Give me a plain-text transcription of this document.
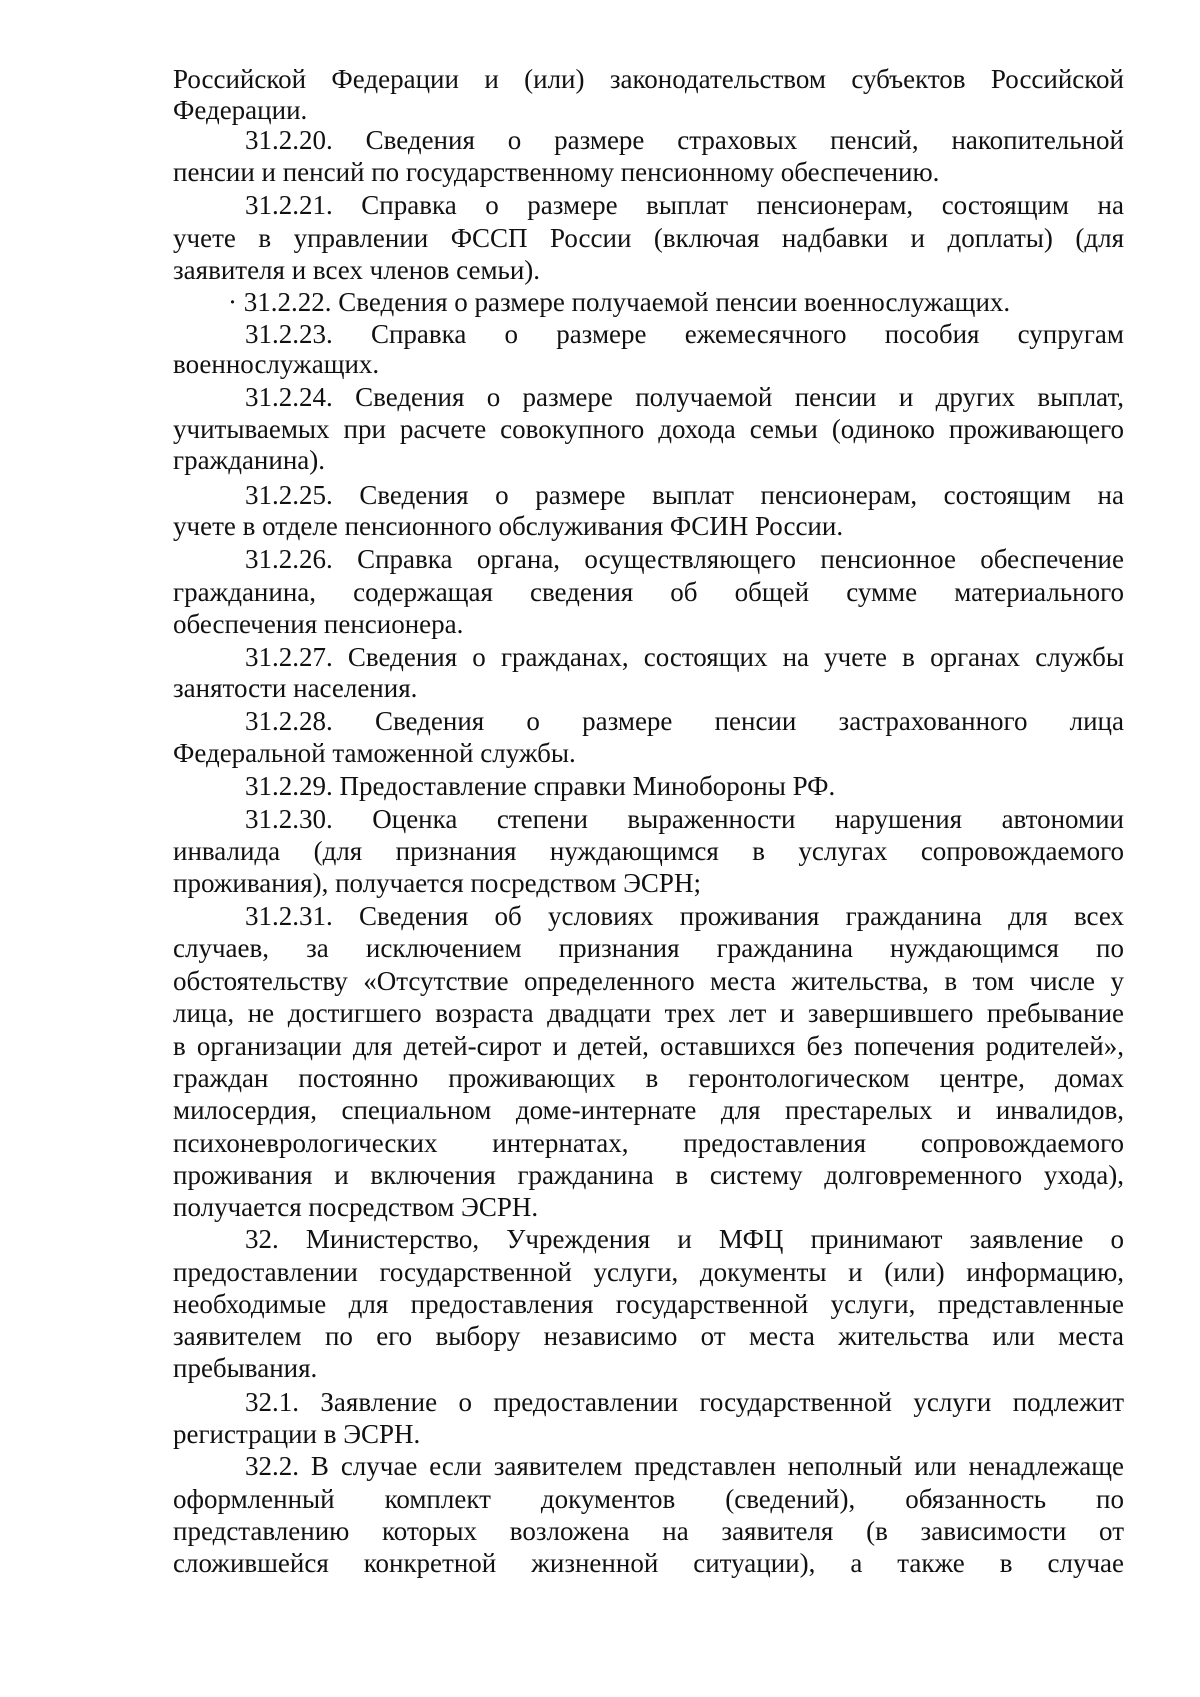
Российской Федерации и (или) законодательством субъектов Российской
Федерации.
31.2.20. Сведения о размере страховых пенсий, накопительной
пенсии и пенсий по государственному пенсионному обеспечению.
31.2.21. Справка о размере выплат пенсионерам, состоящим на
учете в управлении ФССП России (включая надбавки и доплаты) (для
заявителя и всех членов семьи).
· 31.2.22. Сведения о размере получаемой пенсии военнослужащих.
31.2.23. Справка о размере ежемесячного пособия супругам
военнослужащих.
31.2.24. Сведения о размере получаемой пенсии и других выплат,
учитываемых при расчете совокупного дохода семьи (одиноко проживающего
гражданина).
31.2.25. Сведения о размере выплат пенсионерам, состоящим на
учете в отделе пенсионного обслуживания ФСИН России.
31.2.26. Справка органа, осуществляющего пенсионное обеспечение
гражданина, содержащая сведения об общей сумме материального
обеспечения пенсионера.
31.2.27. Сведения о гражданах, состоящих на учете в органах службы
занятости населения.
31.2.28. Сведения о размере пенсии застрахованного лица
Федеральной таможенной службы.
31.2.29. Предоставление справки Минобороны РФ.
31.2.30. Оценка степени выраженности нарушения автономии
инвалида (для признания нуждающимся в услугах сопровождаемого
проживания), получается посредством ЭСРН;
31.2.31. Сведения об условиях проживания гражданина для всех
случаев, за исключением признания гражданина нуждающимся по
обстоятельству «Отсутствие определенного места жительства, в том числе у
лица, не достигшего возраста двадцати трех лет и завершившего пребывание
в организации для детей-сирот и детей, оставшихся без попечения родителей»,
граждан постоянно проживающих в геронтологическом центре, домах
милосердия, специальном доме-интернате для престарелых и инвалидов,
психоневрологических интернатах, предоставления сопровождаемого
проживания и включения гражданина в систему долговременного ухода),
получается посредством ЭСРН.
32. Министерство, Учреждения и МФЦ принимают заявление о
предоставлении государственной услуги, документы и (или) информацию,
необходимые для предоставления государственной услуги, представленные
заявителем по его выбору независимо от места жительства или места
пребывания.
32.1. Заявление о предоставлении государственной услуги подлежит
регистрации в ЭСРН.
32.2. В случае если заявителем представлен неполный или ненадлежаще
оформленный комплект документов (сведений), обязанность по
представлению которых возложена на заявителя (в зависимости от
сложившейся конкретной жизненной ситуации), а также в случае
